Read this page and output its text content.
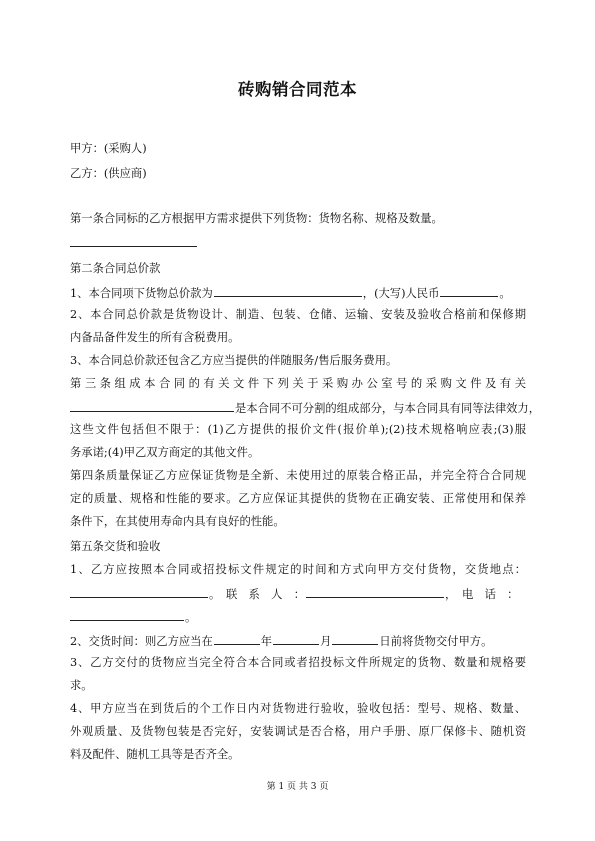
砖购销合同范本

甲方：(采购人)

乙方：(供应商)

第一条合同标的乙方根据甲方需求提供下列货物：货物名称、规格及数量。

第二条合同总价款

1、本合同项下货物总价款为	，(大写)人民币	。

2、本合同总价款是货物设计、制造、包装、仓储、运输、安装及验收合格前和保修期

内备品备件发生的所有含税费用。

3、本合同总价款还包含乙方应当提供的伴随服务/售后服务费用。

第三条组成本合同的有关文件下列关于采购办公室号的采购文件及有关

是本合同不可分割的组成部分，与本合同具有同等法律效力，

这些文件包括但不限于：(1)乙方提供的报价文件(报价单);(2)技术规格响应表;(3)服

务承诺;(4)甲乙双方商定的其他文件。

第四条质量保证乙方应保证货物是全新、未使用过的原装合格正品，并完全符合合同规

定的质量、规格和性能的要求。乙方应保证其提供的货物在正确安装、正常使用和保养

条件下，在其使用寿命内具有良好的性能。

第五条交货和验收

1、乙方应按照本合同或招投标文件规定的时间和方式向甲方交付货物，交货地点：

。　联　系　人　：	，　电　话　：

。

2、交货时间：则乙方应当在	年	月	日前将货物交付甲方。

3、乙方交付的货物应当完全符合本合同或者招投标文件所规定的货物、数量和规格要

求。

4、甲方应当在到货后的个工作日内对货物进行验收，验收包括：型号、规格、数量、

外观质量、及货物包装是否完好，安装调试是否合格，用户手册、原厂保修卡、随机资

料及配件、随机工具等是否齐全。

第 1 页 共 3 页
